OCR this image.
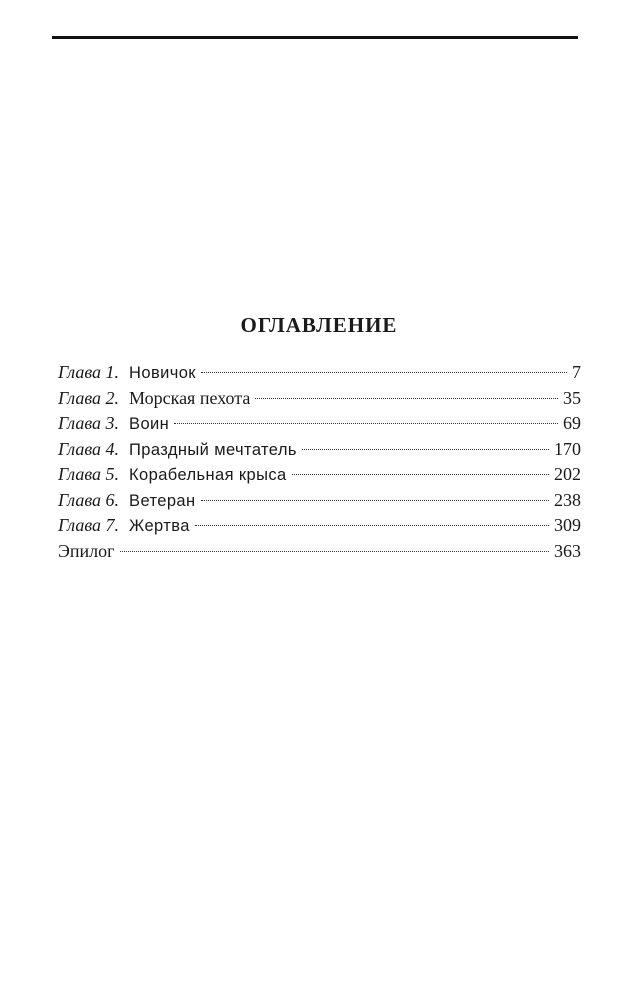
ОГЛАВЛЕНИЕ
Глава 1. Новичок	7
Глава 2. Морская пехота	35
Глава 3. Воин	69
Глава 4. Праздный мечтатель	170
Глава 5. Корабельная крыса	202
Глава 6. Ветеран	238
Глава 7. Жертва	309
Эпилог	363
